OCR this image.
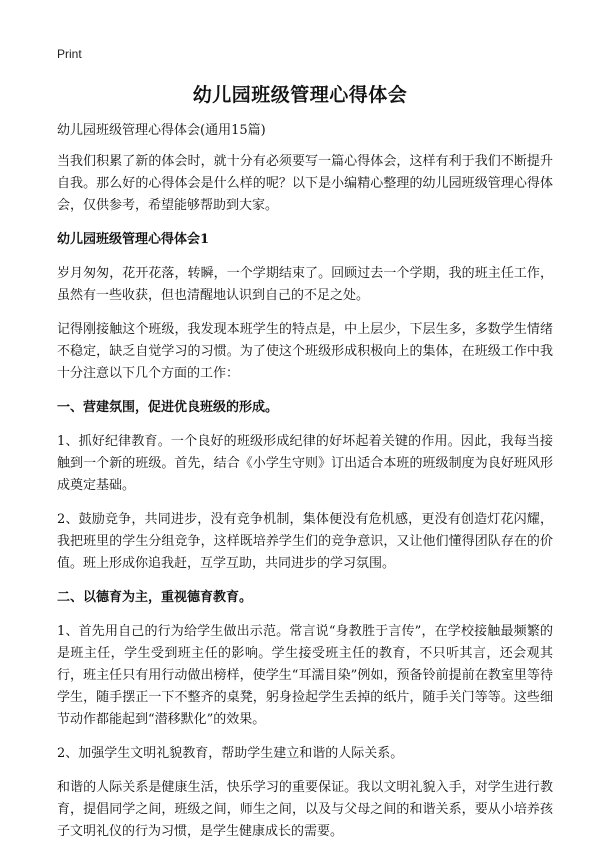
Print
幼儿园班级管理心得体会

幼儿园班级管理心得体会(通用15篇)

当我们积累了新的体会时，就十分有必须要写一篇心得体会，这样有利于我们不断提升自我。那么好的心得体会是什么样的呢？以下是小编精心整理的幼儿园班级管理心得体会，仅供参考，希望能够帮助到大家。

幼儿园班级管理心得体会1

岁月匆匆，花开花落，转瞬，一个学期结束了。回顾过去一个学期，我的班主任工作，虽然有一些收获，但也清醒地认识到自己的不足之处。

记得刚接触这个班级，我发现本班学生的特点是，中上层少，下层生多，多数学生情绪不稳定，缺乏自觉学习的习惯。为了使这个班级形成积极向上的集体，在班级工作中我十分注意以下几个方面的工作：

一、营建氛围，促进优良班级的形成。

1、抓好纪律教育。一个良好的班级形成纪律的好坏起着关键的作用。因此，我每当接触到一个新的班级。首先，结合《小学生守则》订出适合本班的班级制度为良好班风形成奠定基础。

2、鼓励竞争，共同进步，没有竞争机制，集体便没有危机感，更没有创造灯花闪耀，我把班里的学生分组竞争，这样既培养学生们的竞争意识，又让他们懂得团队存在的价值。班上形成你追我赶，互学互助，共同进步的学习氛围。

二、以德育为主，重视德育教育。

1、首先用自己的行为给学生做出示范。常言说“身教胜于言传”，在学校接触最频繁的是班主任，学生受到班主任的影响。学生接受班主任的教育，不只听其言，还会观其行，班主任只有用行动做出榜样，使学生“耳濡目染”例如，预备铃前提前在教室里等待学生，随手摆正一下不整齐的桌凳，躬身捡起学生丢掉的纸片，随手关门等等。这些细节动作都能起到“潜移默化”的效果。

2、加强学生文明礼貌教育，帮助学生建立和谐的人际关系。

和谐的人际关系是健康生活，快乐学习的重要保证。我以文明礼貌入手，对学生进行教育，提倡同学之间，班级之间，师生之间，以及与父母之间的和谐关系，要从小培养孩子文明礼仪的行为习惯，是学生健康成长的需要。
